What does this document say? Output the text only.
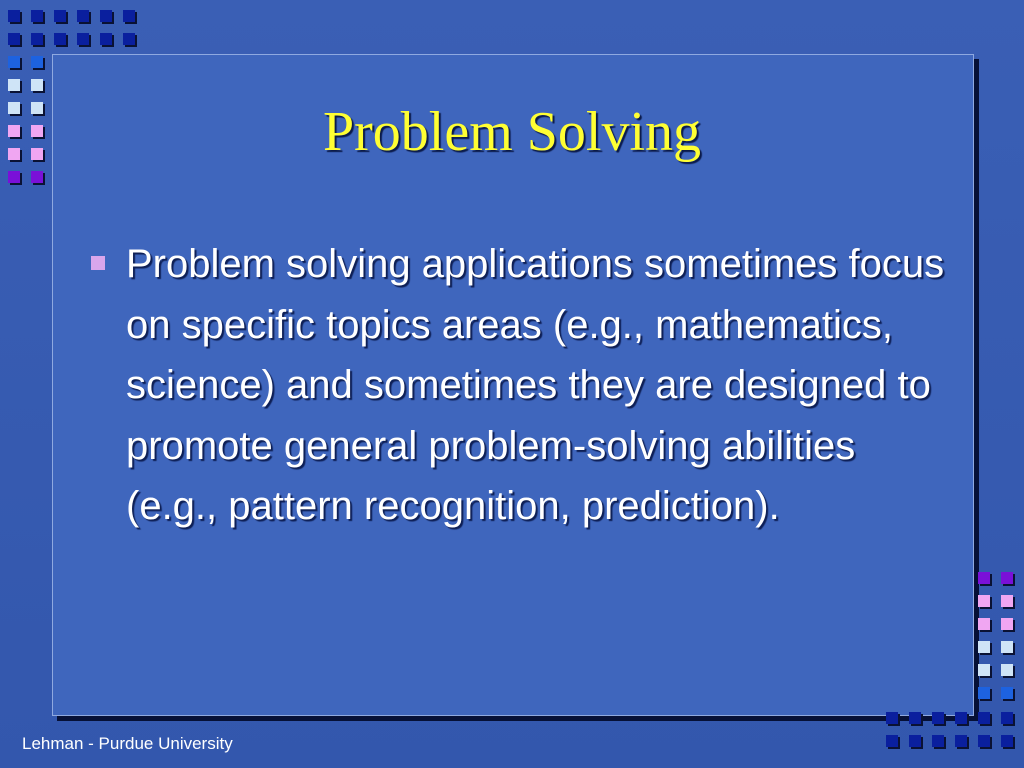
Problem Solving
Problem solving applications sometimes focus on specific topics areas (e.g., mathematics, science) and sometimes they are designed to promote general problem-solving abilities (e.g., pattern recognition, prediction).
Lehman - Purdue University
